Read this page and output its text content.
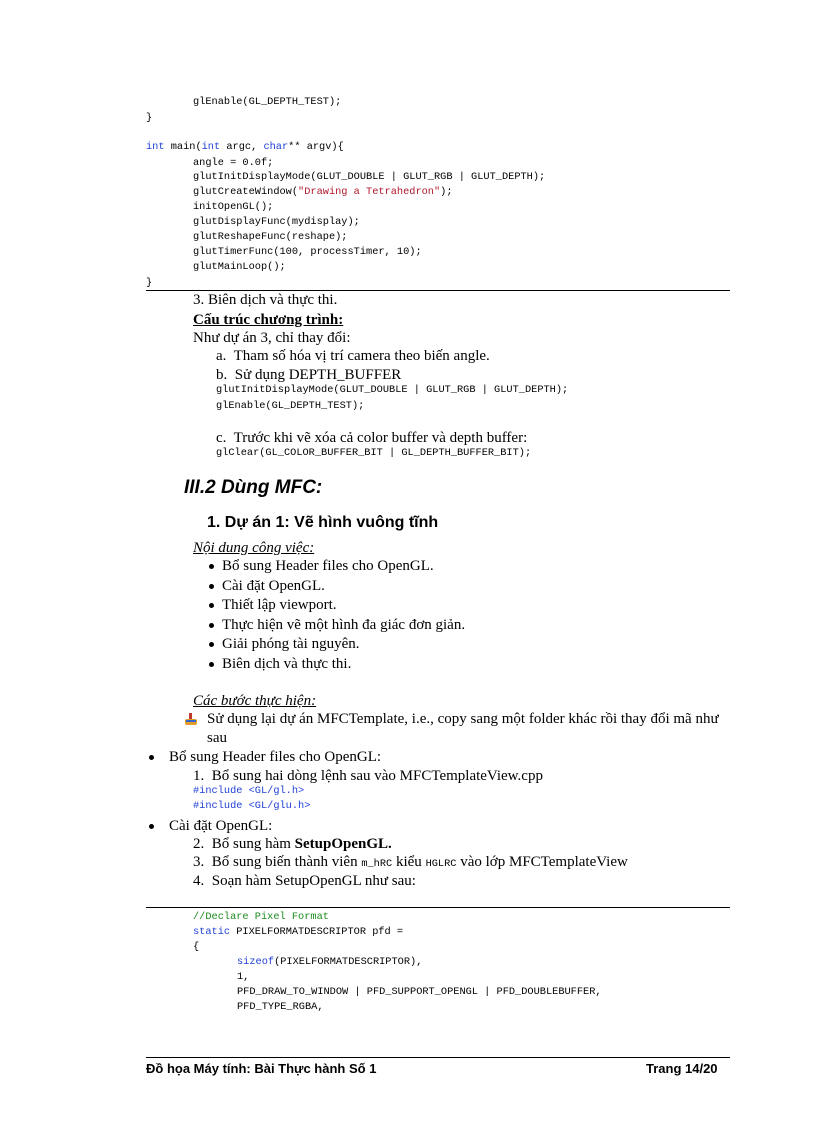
glEnable(GL_DEPTH_TEST);
}
int main(int argc, char** argv){
angle = 0.0f;
glutInitDisplayMode(GLUT_DOUBLE | GLUT_RGB | GLUT_DEPTH);
glutCreateWindow("Drawing a Tetrahedron");
initOpenGL();
glutDisplayFunc(mydisplay);
glutReshapeFunc(reshape);
glutTimerFunc(100, processTimer, 10);
glutMainLoop();
}
3. Biên dịch và thực thi.
Cấu trúc chương trình:
Như dự án 3, chỉ thay đổi:
a.  Tham số hóa vị trí camera theo biến angle.
b.  Sử dụng DEPTH_BUFFER
glutInitDisplayMode(GLUT_DOUBLE | GLUT_RGB | GLUT_DEPTH);
glEnable(GL_DEPTH_TEST);
c.  Trước khi vẽ xóa cả color buffer và depth buffer:
glClear(GL_COLOR_BUFFER_BIT | GL_DEPTH_BUFFER_BIT);
III.2 Dùng MFC:
1. Dự án 1: Vẽ hình vuông tĩnh
Nội dung công việc:
Bổ sung Header files cho OpenGL.
Cài đặt OpenGL.
Thiết lập viewport.
Thực hiện vẽ một hình đa giác đơn giản.
Giải phóng tài nguyên.
Biên dịch và thực thi.
Các bước thực hiện:
Sử dụng lại dự án MFCTemplate, i.e., copy sang một folder khác rồi thay đổi mã như
sau
Bổ sung Header files cho OpenGL:
1.  Bổ sung hai dòng lệnh sau vào MFCTemplateView.cpp
#include <GL/gl.h>
#include <GL/glu.h>
Cài đặt OpenGL:
2.  Bổ sung hàm SetupOpenGL.
3.  Bổ sung biến thành viên m_hRC kiểu HGLRC vào lớp MFCTemplateView
4.  Soạn hàm SetupOpenGL như sau:
//Declare Pixel Format
static PIXELFORMATDESCRIPTOR pfd =
{
sizeof(PIXELFORMATDESCRIPTOR),
1,
PFD_DRAW_TO_WINDOW | PFD_SUPPORT_OPENGL | PFD_DOUBLEBUFFER,
PFD_TYPE_RGBA,
Đồ họa Máy tính: Bài Thực hành Số 1	Trang 14/20
